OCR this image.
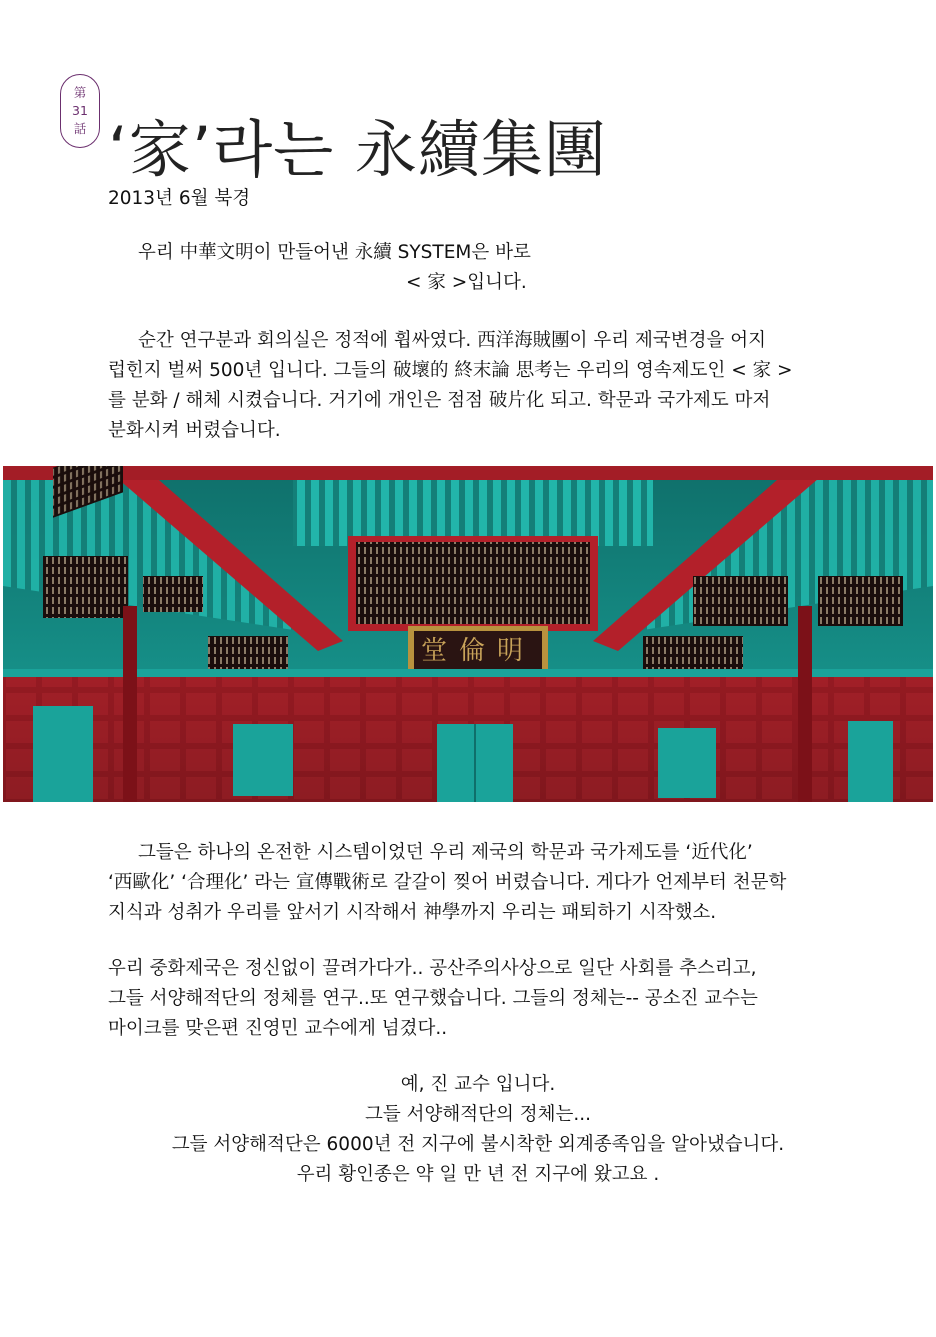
第
31
話 ‘家’라는 永續集團
2013년 6월 북경

우리 中華文明이 만들어낸 永續 SYSTEM은 바로

< 家 >입니다.

순간 연구분과 회의실은 정적에 휩싸였다. 西洋海賊團이 우리 제국변경을 어지

럽힌지 벌써 500년 입니다. 그들의 破壞的 終末論 思考는 우리의 영속제도인 < 家 >

를 분화 / 해체 시켰습니다. 거기에 개인은 점점 破片化 되고. 학문과 국가제도 마저

분화시켜 버렸습니다.

堂倫明

그들은 하나의 온전한 시스템이었던 우리 제국의 학문과 국가제도를 ‘近代化’

‘西歐化’ ‘合理化’ 라는 宣傳戰術로 갈갈이 찢어 버렸습니다. 게다가 언제부터 천문학

지식과 성취가 우리를 앞서기 시작해서 神學까지 우리는 패퇴하기 시작했소.

우리 중화제국은 정신없이 끌려가다가.. 공산주의사상으로 일단 사회를 추스리고,

그들 서양해적단의 정체를 연구..또 연구했습니다. 그들의 정체는-- 공소진 교수는

마이크를 맞은편 진영민 교수에게 넘겼다..

예, 진 교수 입니다.

그들 서양해적단의 정체는...

그들 서양해적단은 6000년 전 지구에 불시착한 외계종족임을 알아냈습니다.

우리 황인종은 약 일 만 년 전 지구에 왔고요 .
